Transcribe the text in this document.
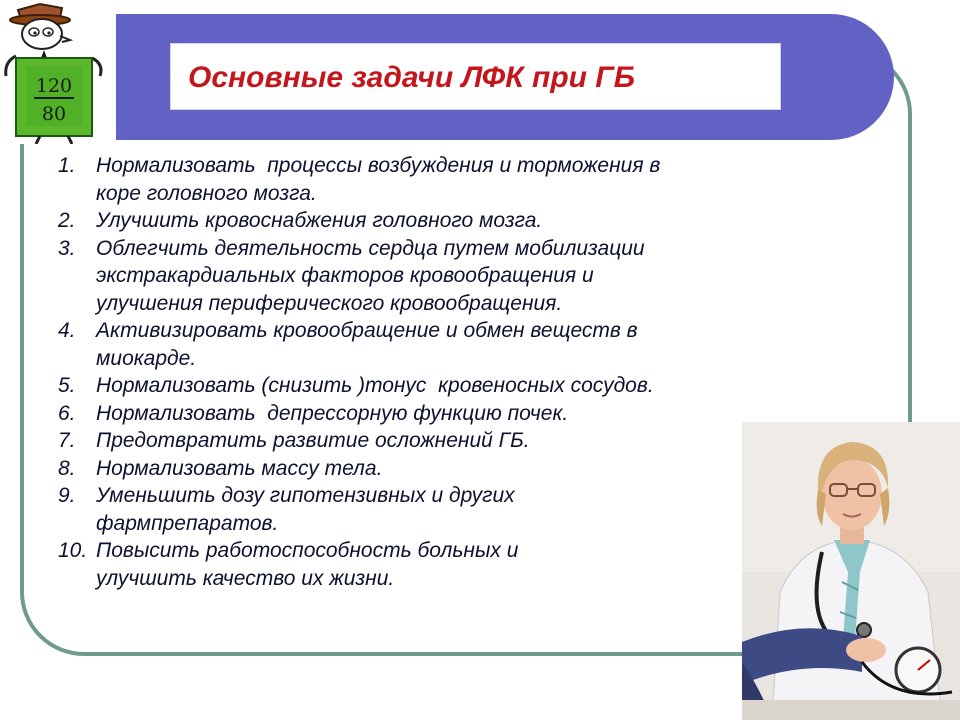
Основные задачи ЛФК при ГБ
120
80
1. Нормализовать  процессы возбуждения и торможения в
коре головного мозга.
2. Улучшить кровоснабжения головного мозга.
3. Облегчить деятельность сердца путем мобилизации
экстракардиальных факторов кровообращения и
улучшения периферического кровообращения.
4. Активизировать кровообращение и обмен веществ в
миокарде.
5. Нормализовать (снизить )тонус  кровеносных сосудов.
6. Нормализовать  депрессорную функцию почек.
7. Предотвратить развитие осложнений ГБ.
8. Нормализовать массу тела.
9. Уменьшить дозу гипотензивных и других
фармпрепаратов.
10. Повысить работоспособность больных и
улучшить качество их жизни.
